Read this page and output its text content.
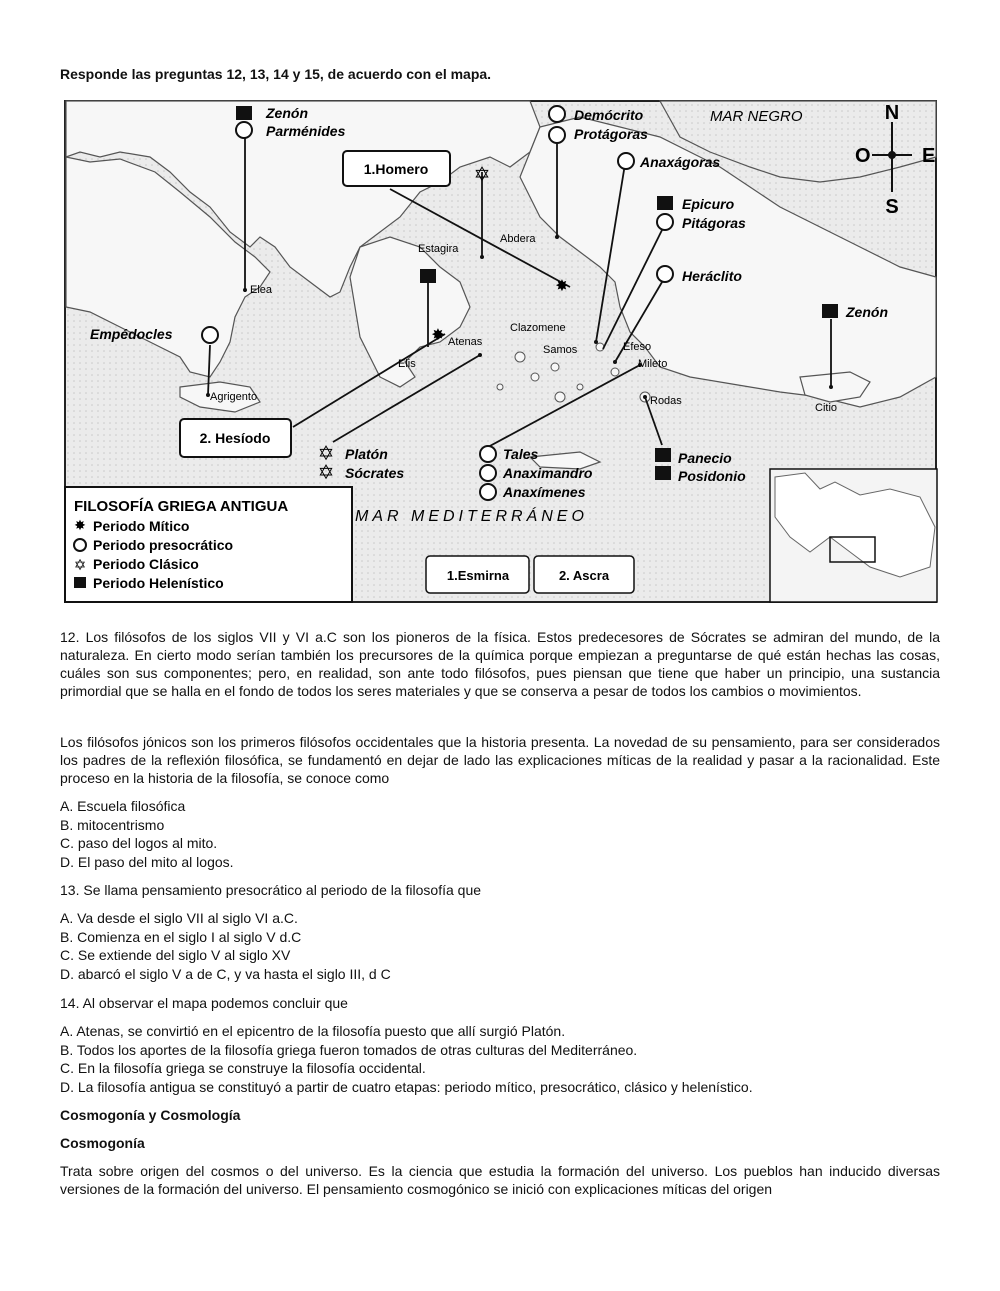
Responde las preguntas 12, 13, 14 y 15, de acuerdo con el mapa.
N
S
E
O
MAR NEGRO
Elea
Estagira
Abdera
Clazomene
Samos	Éfeso
Mileto
Rodas
Citio
Elis
Atenas
Agrigento
✸
✸
✡
✡
✡
Zenón
Parménides
Demócrito
Protágoras
Anaxágoras
Epicuro
Pitágoras
Heráclito
Zenón
Empédocles
Platón
Sócrates
Tales
Anaximandro
Anaxímenes
Panecio
Posidonio
1.Homero
2. Hesíodo
1.Esmirna	2. Ascra
MAR MEDITERRÁNEO
FILOSOFÍA GRIEGA ANTIGUA
✸ Periodo Mítico
Periodo presocrático
✡ Periodo Clásico
Periodo Helenístico
12. Los filósofos de los siglos VII y VI a.C son los pioneros de la física. Estos predecesores de Sócrates se admiran del mundo, de la naturaleza. En cierto modo serían también los precursores de la química porque empiezan a preguntarse de qué están hechas las cosas, cuáles son sus componentes; pero, en realidad, son ante todo filósofos, pues piensan que tiene que haber un principio, una sustancia primordial que se halla en el fondo de todos los seres materiales y que se conserva a pesar de todos los cambios o movimientos.
Los filósofos jónicos son los primeros filósofos occidentales que la historia presenta. La novedad de su pensamiento, para ser considerados los padres de la reflexión filosófica, se fundamentó en dejar de lado las explicaciones míticas de la realidad y pasar a la racionalidad. Este proceso en la historia de la filosofía, se conoce como
A. Escuela filosófica
B. mitocentrismo
C. paso del logos al mito.
D. El paso del mito al logos.
13. Se llama pensamiento presocrático al periodo de la filosofía que
A. Va desde el siglo VII al siglo VI a.C.
B. Comienza en el siglo I al siglo V d.C
C. Se extiende del siglo V al siglo XV
D. abarcó el siglo V a de C, y va hasta el siglo III, d C
14. Al observar el mapa podemos concluir que
A. Atenas, se convirtió en el epicentro de la filosofía puesto que allí surgió Platón.
B. Todos los aportes de la filosofía griega fueron tomados de otras culturas del Mediterráneo.
C. En la filosofía griega se construye la filosofía occidental.
D. La filosofía antigua se constituyó a partir de cuatro etapas: periodo mítico, presocrático, clásico y helenístico.
Cosmogonía y Cosmología
Cosmogonía
Trata sobre origen del cosmos o del universo. Es la ciencia que estudia la formación del universo. Los pueblos han inducido diversas versiones de la formación del universo. El pensamiento cosmogónico se inició con explicaciones míticas del origen
